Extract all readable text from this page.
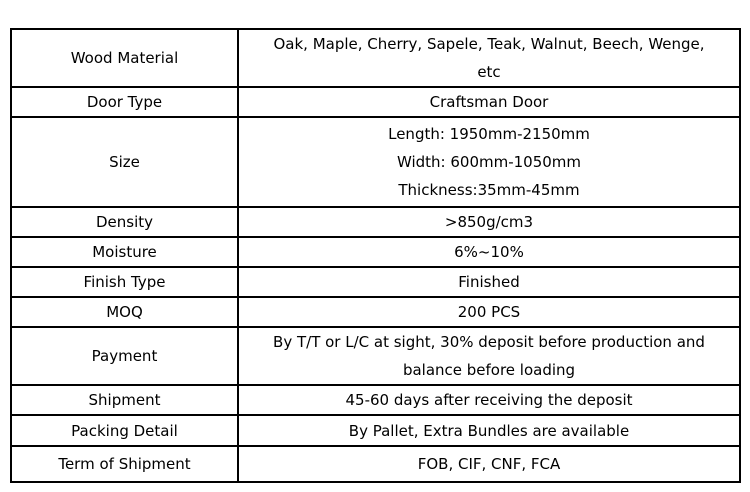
Wood Material	Oak, Maple, Cherry, Sapele, Teak, Walnut, Beech, Wenge,
etc

Door Type	Craftsman Door
Size	Length: 1950mm-2150mm
Width: 600mm-1050mm
Thickness:35mm-45mm

Density	>850g/cm3
Moisture	6%~10%
Finish Type	Finished
MOQ	200 PCS
Payment	By T/T or L/C at sight, 30% deposit before production and
balance before loading

Shipment	45-60 days after receiving the deposit
Packing Detail	By Pallet, Extra Bundles are available
Term of Shipment	FOB, CIF, CNF, FCA
